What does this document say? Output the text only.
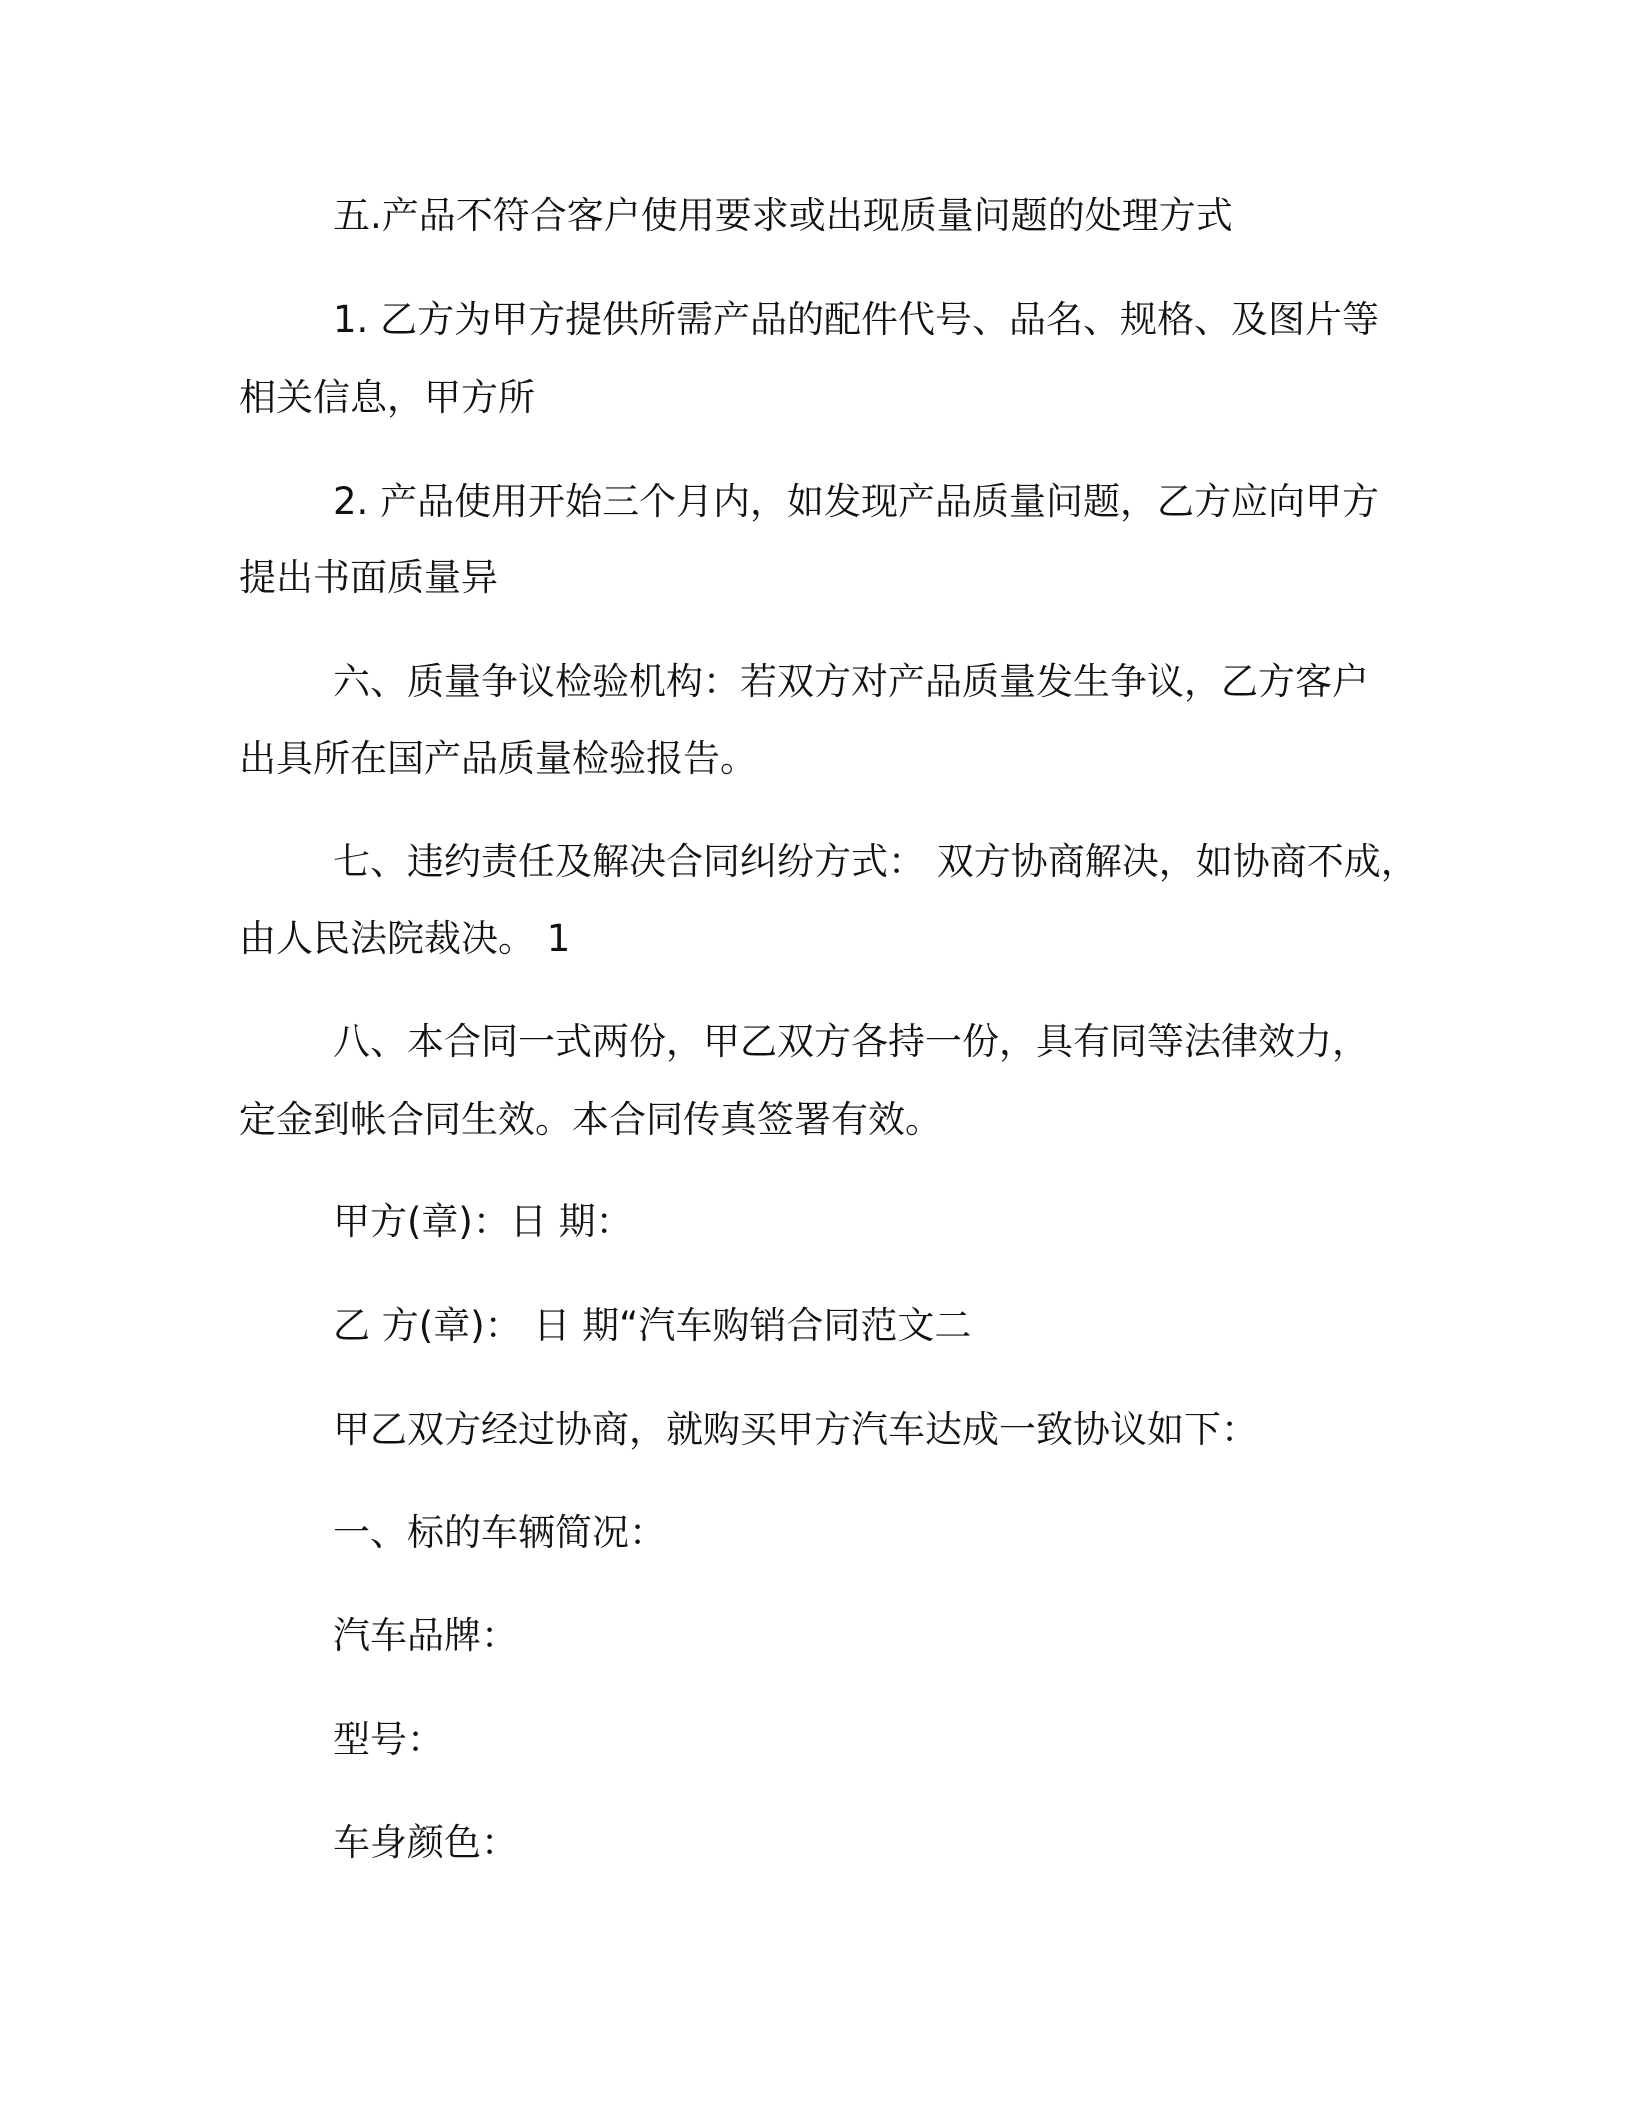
五.产品不符合客户使用要求或出现质量问题的处理方式
1. 乙方为甲方提供所需产品的配件代号、品名、规格、及图片等
相关信息，甲方所
2. 产品使用开始三个月内，如发现产品质量问题，乙方应向甲方
提出书面质量异
六、质量争议检验机构：若双方对产品质量发生争议，乙方客户
出具所在国产品质量检验报告。
七、违约责任及解决合同纠纷方式： 双方协商解决，如协商不成，
由人民法院裁决。 1
八、本合同一式两份，甲乙双方各持一份，具有同等法律效力，
定金到帐合同生效。本合同传真签署有效。
甲方(章)：日 期：
乙 方(章)： 日 期“汽车购销合同范文二
甲乙双方经过协商，就购买甲方汽车达成一致协议如下：
一、标的车辆简况：
汽车品牌：
型号：
车身颜色：
